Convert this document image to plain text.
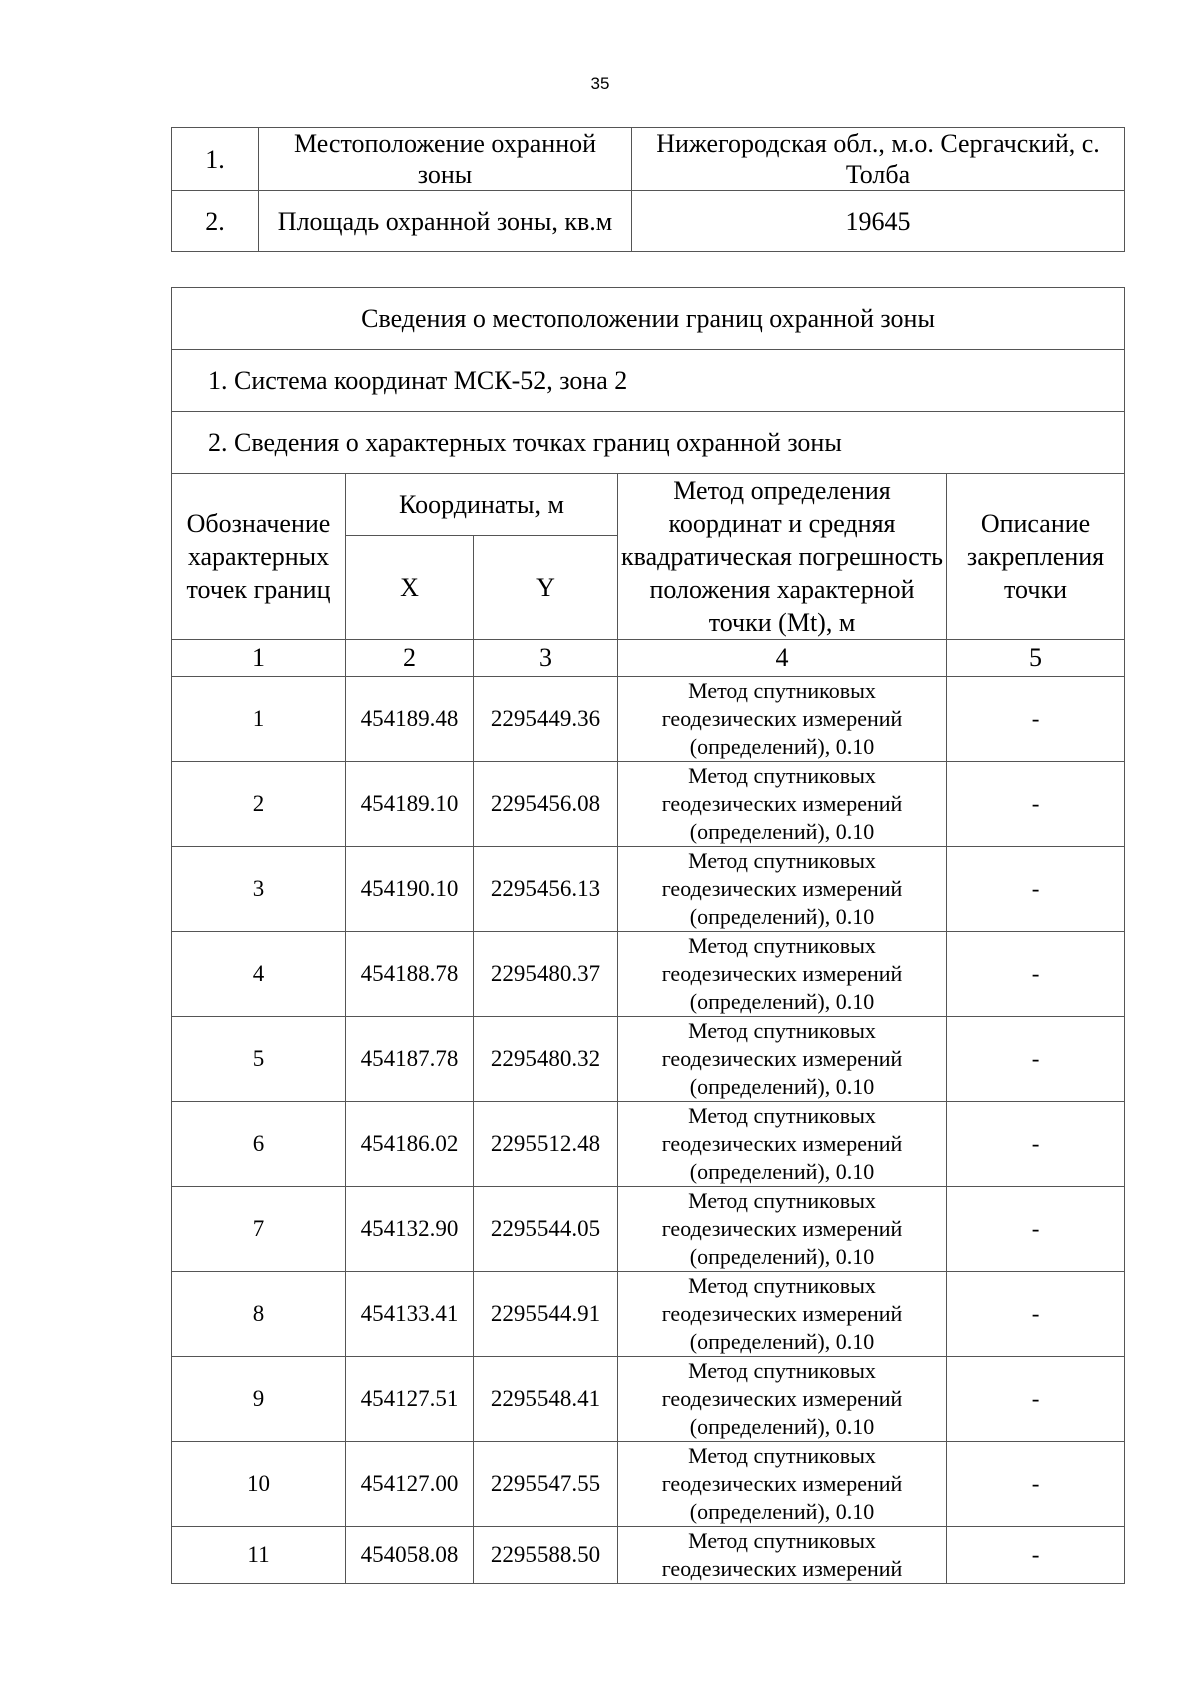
35
1.	Местоположение охранной зоны	Нижегородская обл., м.о. Сергачский, с. Толба
2.	Площадь охранной зоны, кв.м	19645
Сведения о местоположении границ охранной зоны				
1. Система координат МСК-52, зона 2				
2. Сведения о характерных точках границ охранной зоны				
Обозначение характерных точек границ	Координаты, м		Метод определения координат и средняя квадратическая погрешность положения характерной точки (Mt), м	Описание закрепления точки
	X	Y		
1	2	3	4	5
1	454189.48	2295449.36	Метод спутниковых
геодезических измерений
(определений), 0.10	-
2	454189.10	2295456.08	Метод спутниковых
геодезических измерений
(определений), 0.10	-
3	454190.10	2295456.13	Метод спутниковых
геодезических измерений
(определений), 0.10	-
4	454188.78	2295480.37	Метод спутниковых
геодезических измерений
(определений), 0.10	-
5	454187.78	2295480.32	Метод спутниковых
геодезических измерений
(определений), 0.10	-
6	454186.02	2295512.48	Метод спутниковых
геодезических измерений
(определений), 0.10	-
7	454132.90	2295544.05	Метод спутниковых
геодезических измерений
(определений), 0.10	-
8	454133.41	2295544.91	Метод спутниковых
геодезических измерений
(определений), 0.10	-
9	454127.51	2295548.41	Метод спутниковых
геодезических измерений
(определений), 0.10	-
10	454127.00	2295547.55	Метод спутниковых
геодезических измерений
(определений), 0.10	-
11	454058.08	2295588.50	Метод спутниковых
геодезических измерений	-
